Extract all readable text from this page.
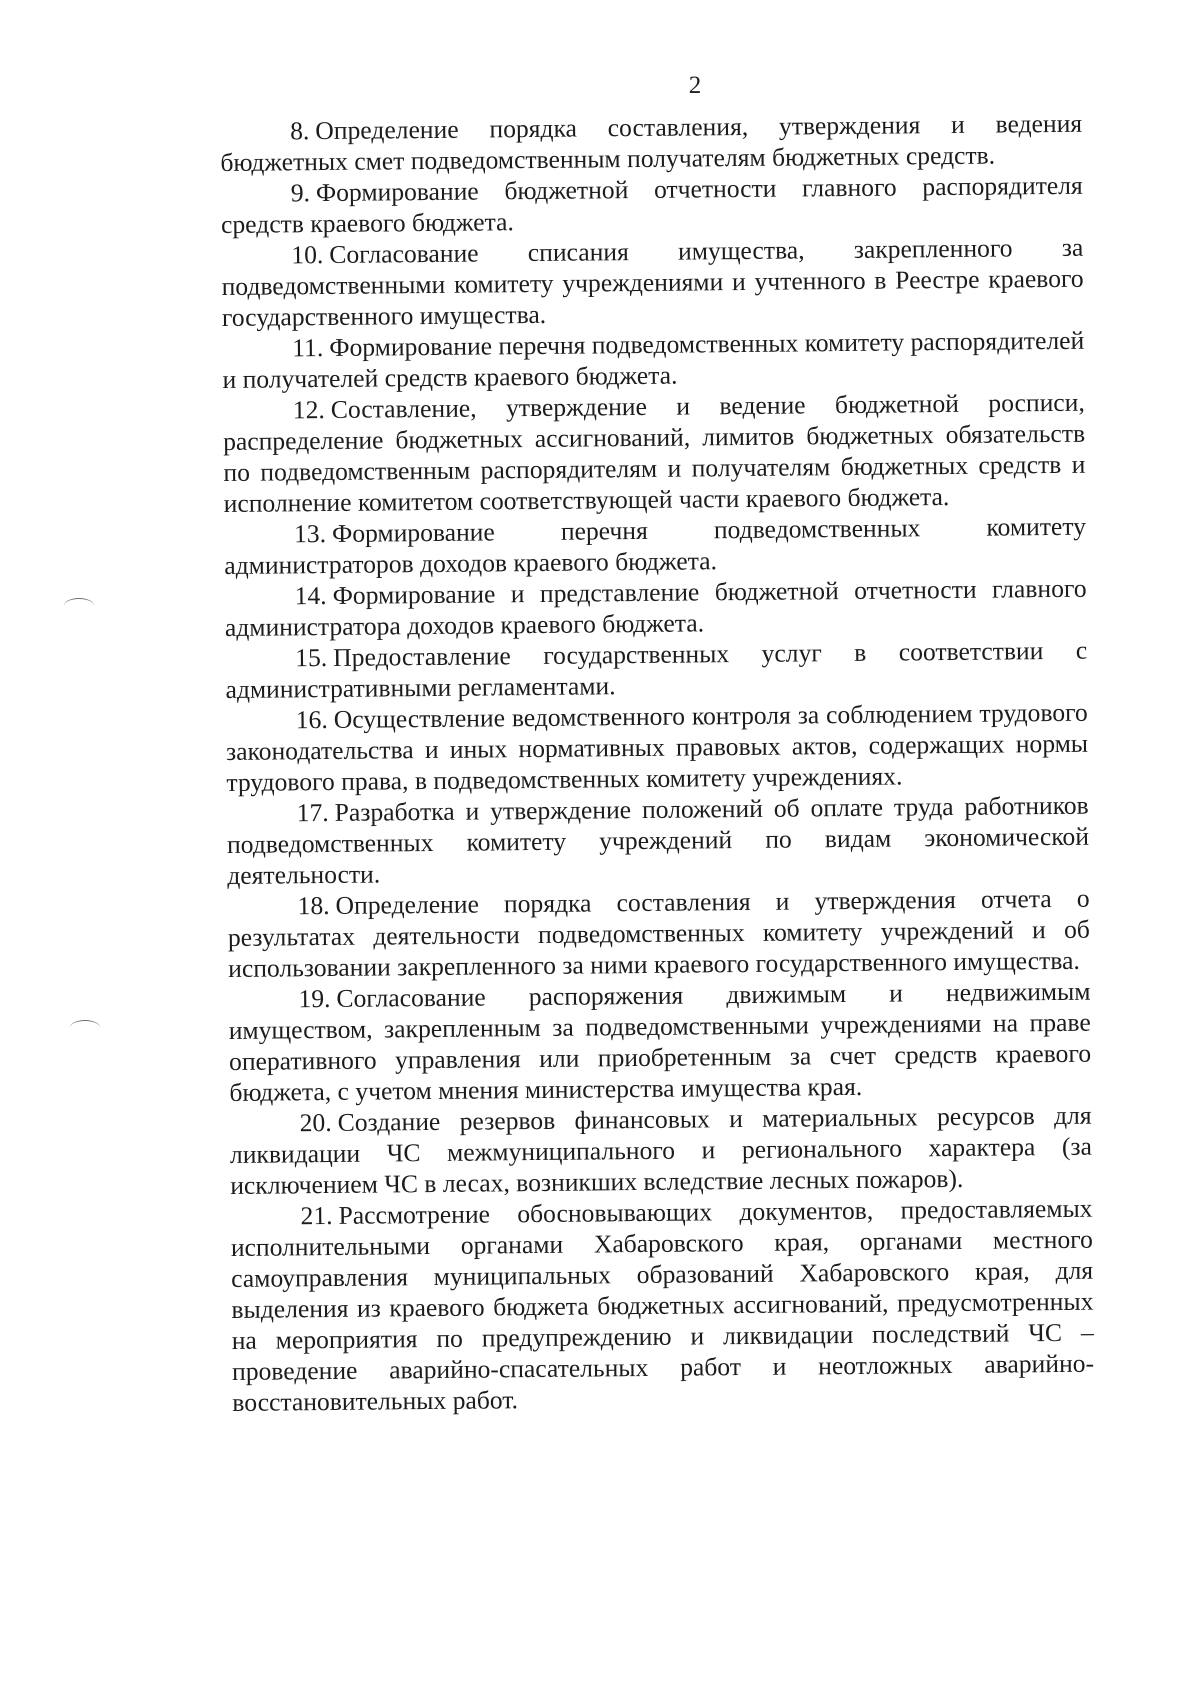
2

8. Определение порядка составления, утверждения и ведения бюджетных смет подведомственным получателям бюджетных средств.

9. Формирование бюджетной отчетности главного распорядителя средств краевого бюджета.

10. Согласование списания имущества, закрепленного за подведомственными комитету учреждениями и учтенного в Реестре краевого государственного имущества.

11. Формирование перечня подведомственных комитету распорядителей и получателей средств краевого бюджета.

12. Составление, утверждение и ведение бюджетной росписи, распределение бюджетных ассигнований, лимитов бюджетных обязательств по подведомственным распорядителям и получателям бюджетных средств и исполнение комитетом соответствующей части краевого бюджета.

13. Формирование перечня подведомственных комитету администраторов доходов краевого бюджета.

14. Формирование и представление бюджетной отчетности главного администратора доходов краевого бюджета.

15. Предоставление государственных услуг в соответствии с административными регламентами.

16. Осуществление ведомственного контроля за соблюдением трудового законодательства и иных нормативных правовых актов, содержащих нормы трудового права, в подведомственных комитету учреждениях.

17. Разработка и утверждение положений об оплате труда работников подведомственных комитету учреждений по видам экономической деятельности.

18. Определение порядка составления и утверждения отчета о результатах деятельности подведомственных комитету учреждений и об использовании закрепленного за ними краевого государственного имущества.

19. Согласование распоряжения движимым и недвижимым имуществом, закрепленным за подведомственными учреждениями на праве оперативного управления или приобретенным за счет средств краевого бюджета, с учетом мнения министерства имущества края.

20. Создание резервов финансовых и материальных ресурсов для ликвидации ЧС межмуниципального и регионального характера (за исключением ЧС в лесах, возникших вследствие лесных пожаров).

21. Рассмотрение обосновывающих документов, предоставляемых исполнительными органами Хабаровского края, органами местного самоуправления муниципальных образований Хабаровского края, для выделения из краевого бюджета бюджетных ассигнований, предусмотренных на мероприятия по предупреждению и ликвидации последствий ЧС – проведение аварийно-спасательных работ и неотложных аварийно-восстановительных работ.
